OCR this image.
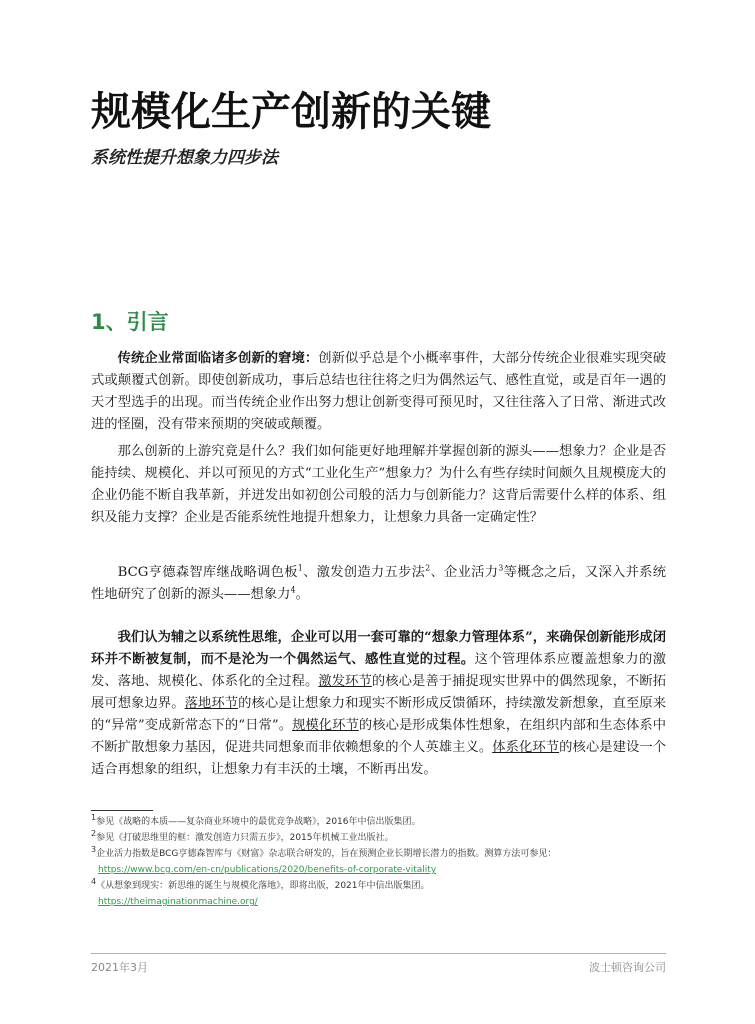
规模化生产创新的关键
系统性提升想象力四步法
1、引言

传统企业常面临诸多创新的窘境：创新似乎总是个小概率事件，大部分传统企业很难实现突破式或颠覆式创新。即使创新成功，事后总结也往往将之归为偶然运气、感性直觉，或是百年一遇的天才型选手的出现。而当传统企业作出努力想让创新变得可预见时，又往往落入了日常、渐进式改进的怪圈，没有带来预期的突破或颠覆。

那么创新的上游究竟是什么？我们如何能更好地理解并掌握创新的源头——想象力？企业是否能持续、规模化、并以可预见的方式“工业化生产”想象力？为什么有些存续时间颇久且规模庞大的企业仍能不断自我革新，并迸发出如初创公司般的活力与创新能力？这背后需要什么样的体系、组织及能力支撑？企业是否能系统性地提升想象力，让想象力具备一定确定性？

BCG亨德森智库继战略调色板$^1$、激发创造力五步法$^2$、企业活力$^3$等概念之后，又深入并系统性地研究了创新的源头——想象力$^4$。

我们认为辅之以系统性思维，企业可以用一套可靠的“想象力管理体系”，来确保创新能形成闭环并不断被复制，而不是沦为一个偶然运气、感性直觉的过程。这个管理体系应覆盖想象力的激发、落地、规模化、体系化的全过程。激发环节的核心是善于捕捉现实世界中的偶然现象，不断拓展可想象边界。落地环节的核心是让想象力和现实不断形成反馈循环，持续激发新想象，直至原来的“异常”变成新常态下的“日常”。规模化环节的核心是形成集体性想象，在组织内部和生态体系中不断扩散想象力基因，促进共同想象而非依赖想象的个人英雄主义。体系化环节的核心是建设一个适合再想象的组织，让想象力有丰沃的土壤，不断再出发。

$^1$参见《战略的本质——复杂商业环境中的最优竞争战略》，2016年中信出版集团。

$^2$参见《打破思维里的框：激发创造力只需五步》，2015年机械工业出版社。

$^3$企业活力指数是BCG亨德森智库与《财富》杂志联合研发的，旨在预测企业长期增长潜力的指数。测算方法可参见：

https://www.bcg.com/en-cn/publications/2020/benefits-of-corporate-vitality

$^4$《从想象到现实：新思维的诞生与规模化落地》，即将出版，2021年中信出版集团。

https://theimaginationmachine.org/

2021年3月	波士顿咨询公司
